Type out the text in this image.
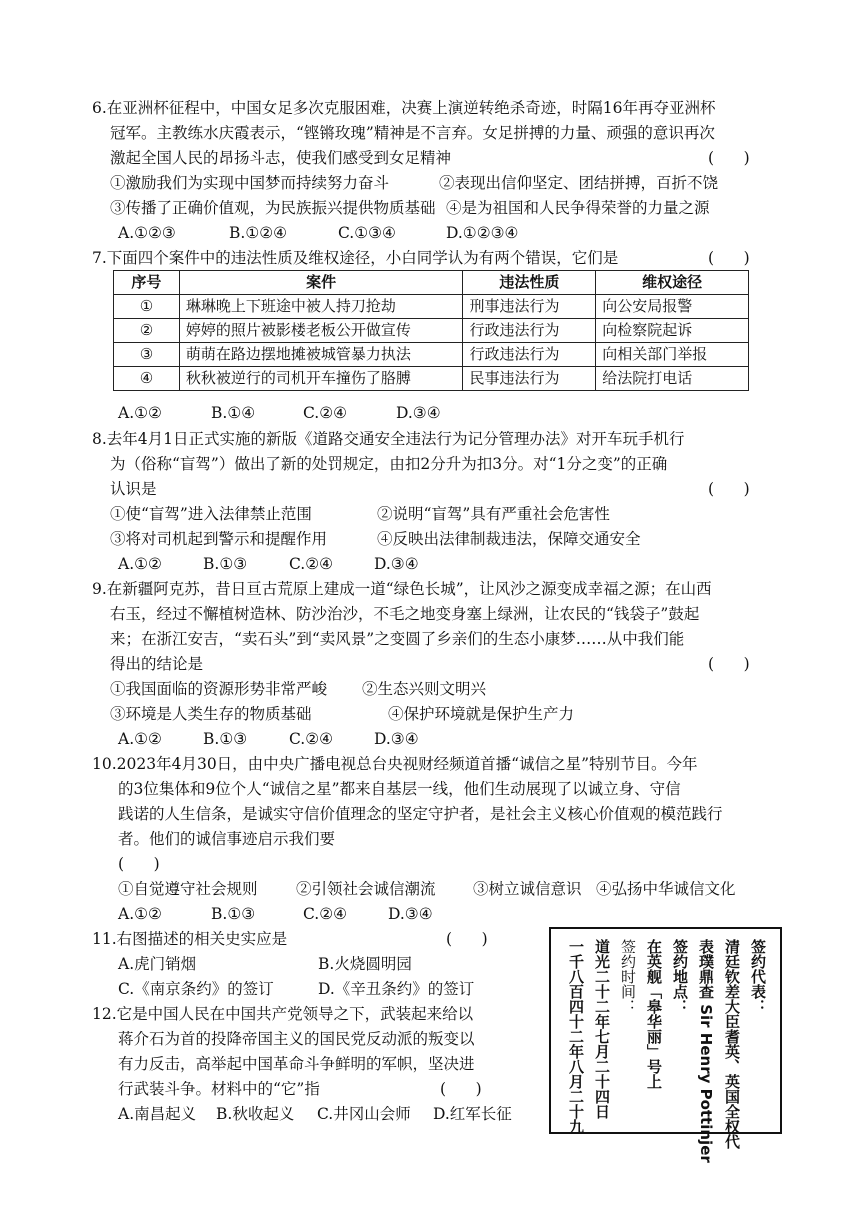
6.在亚洲杯征程中，中国女足多次克服困难，决赛上演逆转绝杀奇迹，时隔16年再夺亚洲杯
冠军。主教练水庆霞表示，“铿锵玫瑰”精神是不言弃。女足拼搏的力量、顽强的意识再次
激起全国人民的昂扬斗志，使我们感受到女足精神	(      )
①激励我们为实现中国梦而持续努力奋斗	②表现出信仰坚定、团结拼搏，百折不饶
③传播了正确价值观，为民族振兴提供物质基础 ④是为祖国和人民争得荣誉的力量之源
A.①②③	B.①②④	C.①③④	D.①②③④
7.下面四个案件中的违法性质及维权途径，小白同学认为有两个错误，它们是	(      )
序号	案件	违法性质	维权途径
①	琳琳晚上下班途中被人持刀抢劫	刑事违法行为	向公安局报警
②	婷婷的照片被影楼老板公开做宣传	行政违法行为	向检察院起诉
③	萌萌在路边摆地摊被城管暴力执法	行政违法行为	向相关部门举报
④	秋秋被逆行的司机开车撞伤了胳膊	民事违法行为	给法院打电话
A.①②	B.①④	C.②④	D.③④
8.去年4月1日正式实施的新版《道路交通安全违法行为记分管理办法》对开车玩手机行
为（俗称“盲驾”）做出了新的处罚规定，由扣2分升为扣3分。对“1分之变”的正确
认识是	(      )
①使“盲驾”进入法律禁止范围	②说明“盲驾”具有严重社会危害性
③将对司机起到警示和提醒作用	④反映出法律制裁违法，保障交通安全
A.①②	B.①③	C.②④	D.③④
9.在新疆阿克苏，昔日亘古荒原上建成一道“绿色长城”，让风沙之源变成幸福之源；在山西
右玉，经过不懈植树造林、防沙治沙，不毛之地变身塞上绿洲，让农民的“钱袋子”鼓起
来；在浙江安吉，“卖石头”到“卖风景”之变圆了乡亲们的生态小康梦……从中我们能
得出的结论是	(      )
①我国面临的资源形势非常严峻 ②生态兴则文明兴
③环境是人类生存的物质基础	④保护环境就是保护生产力
A.①②	B.①③	C.②④	D.③④
10.2023年4月30日，由中央广播电视总台央视财经频道首播“诚信之星”特别节目。今年
的3位集体和9位个人“诚信之星”都来自基层一线，他们生动展现了以诚立身、守信
践诺的人生信条，是诚实守信价值理念的坚定守护者，是社会主义核心价值观的模范践行
者。他们的诚信事迹启示我们要
(      )
①自觉遵守社会规则 ②引领社会诚信潮流 ③树立诚信意识 ④弘扬中华诚信文化
A.①②	B.①③	C.②④	D.③④
11.右图描述的相关史实应是	(      )
A.虎门销烟	B.火烧圆明园
C.《南京条约》的签订	D.《辛丑条约》的签订
12.它是中国人民在中国共产党领导之下，武装起来给以
蒋介石为首的投降帝国主义的国民党反动派的叛变以
有力反击，高举起中国革命斗争鲜明的军帜，坚决进
行武装斗争。材料中的“它”指	(      )
A.南昌起义 B.秋收起义 C.井冈山会师 D.红军长征
签约代表：
清廷钦差大臣耆英、英国全权代
表璞鼎查 Sir Henry Pottinjer
签约地点：
在英舰「皋华丽」号上
签约时间：
道光二十二年七月二十四日
一千八百四十二年八月二十九
